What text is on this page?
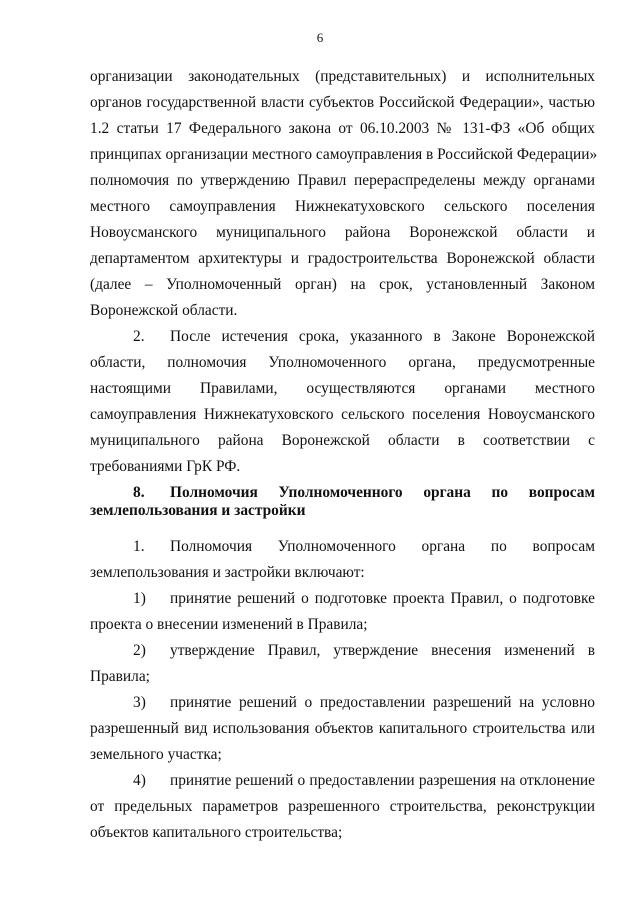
6
организации законодательных (представительных) и исполнительных
органов государственной власти субъектов Российской Федерации», частью
1.2 статьи 17 Федерального закона от 06.10.2003 № 131-ФЗ «Об общих
принципах организации местного самоуправления в Российской Федерации»
полномочия по утверждению Правил перераспределены между органами
местного самоуправления Нижнекатуховского сельского поселения
Новоусманского муниципального района Воронежской области и
департаментом архитектуры и градостроительства Воронежской области
(далее – Уполномоченный орган) на срок, установленный Законом
Воронежской области.
2. После истечения срока, указанного в Законе Воронежской
области, полномочия Уполномоченного органа, предусмотренные
настоящими Правилами, осуществляются органами местного
самоуправления Нижнекатуховского сельского поселения Новоусманского
муниципального района Воронежской области в соответствии с
требованиями ГрК РФ.
8. Полномочия Уполномоченного органа по вопросам
землепользования и застройки
1. Полномочия Уполномоченного органа по вопросам
землепользования и застройки включают:
1) принятие решений о подготовке проекта Правил, о подготовке
проекта о внесении изменений в Правила;
2) утверждение Правил, утверждение внесения изменений в
Правила;
3) принятие решений о предоставлении разрешений на условно
разрешенный вид использования объектов капитального строительства или
земельного участка;
4) принятие решений о предоставлении разрешения на отклонение
от предельных параметров разрешенного строительства, реконструкции
объектов капитального строительства;
